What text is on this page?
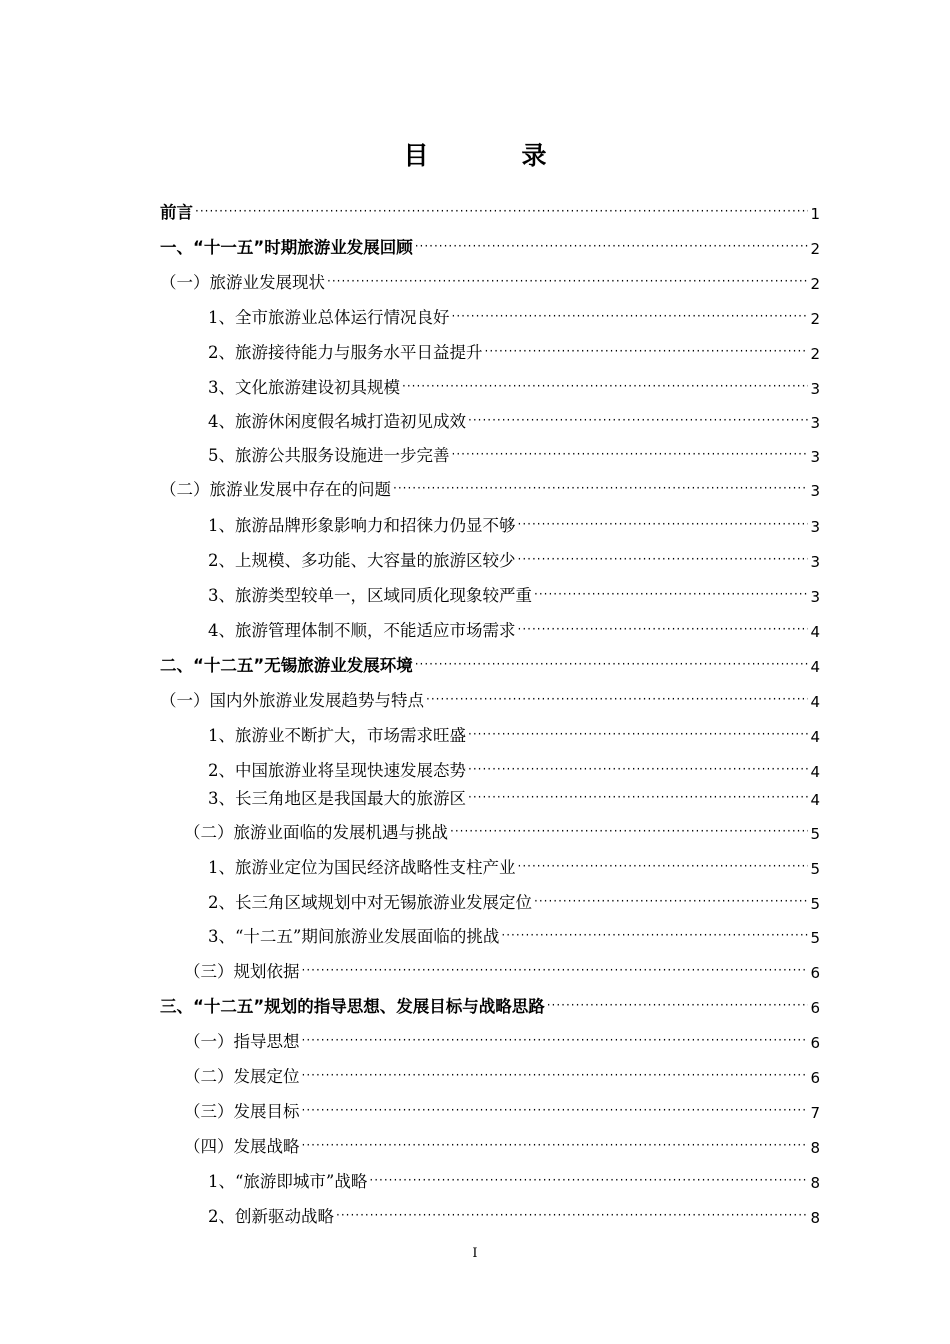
目　录
前言 ·····	1
一、“十一五”时期旅游业发展回顾 ·····	2
（一）旅游业发展现状 ·····	2
1、全市旅游业总体运行情况良好 ·····	2
2、旅游接待能力与服务水平日益提升 ·····	2
3、文化旅游建设初具规模 ·····	3
4、旅游休闲度假名城打造初见成效 ·····	3
5、旅游公共服务设施进一步完善 ·····	3
（二）旅游业发展中存在的问题 ·····	3
1、旅游品牌形象影响力和招徕力仍显不够 ·····	3
2、上规模、多功能、大容量的旅游区较少 ·····	3
3、旅游类型较单一，区域同质化现象较严重 ·····	3
4、旅游管理体制不顺，不能适应市场需求 ·····	4
二、“十二五”无锡旅游业发展环境 ·····	4
（一）国内外旅游业发展趋势与特点 ·····	4
1、旅游业不断扩大，市场需求旺盛 ·····	4
2、中国旅游业将呈现快速发展态势 ·····	4
3、长三角地区是我国最大的旅游区 ·····	4
（二）旅游业面临的发展机遇与挑战 ·····	5
1、旅游业定位为国民经济战略性支柱产业 ·····	5
2、长三角区域规划中对无锡旅游业发展定位 ·····	5
3、“十二五”期间旅游业发展面临的挑战 ·····	5
（三）规划依据 ·····	6
三、“十二五”规划的指导思想、发展目标与战略思路 ·····	6
（一）指导思想 ·····	6
（二）发展定位 ·····	6
（三）发展目标 ·····	7
（四）发展战略 ·····	8
1、“旅游即城市”战略 ·····	8
2、创新驱动战略 ·····	8
I
